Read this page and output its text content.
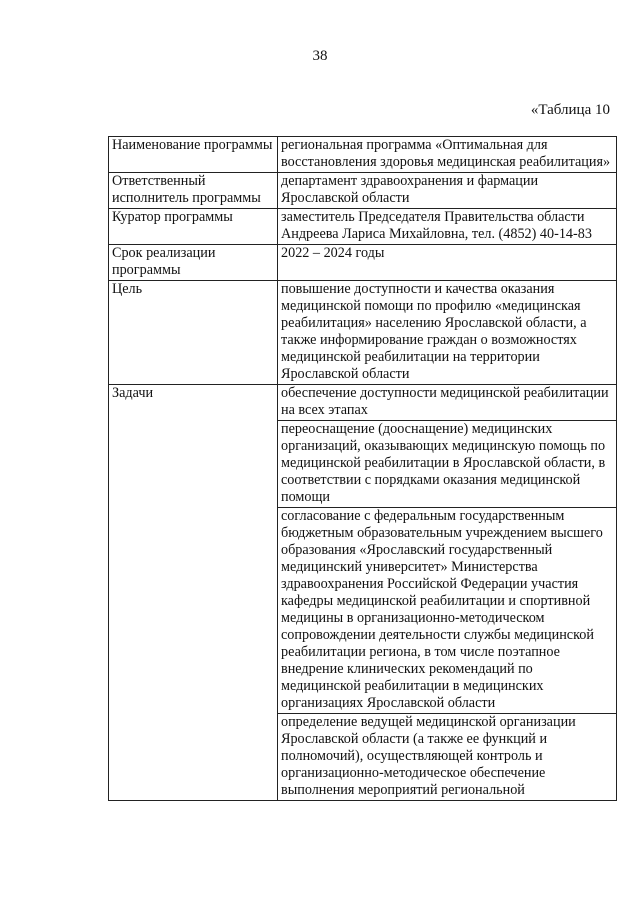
38
«Таблица 10
Наименование программы	региональная программа «Оптимальная для восстановления здоровья медицинская реабилитация»
Ответственный исполнитель программы	департамент здравоохранения и фармации Ярославской области
Куратор программы	заместитель Председателя Правительства области Андреева Лариса Михайловна, тел. (4852) 40-14-83
Срок реализации программы	2022 – 2024 годы
Цель	повышение доступности и качества оказания медицинской помощи по профилю «медицинская реабилитация» населению Ярославской области, а также информирование граждан о возможностях медицинской реабилитации на территории Ярославской области
Задачи	обеспечение доступности медицинской реабилитации на всех этапах
	переоснащение (дооснащение) медицинских организаций, оказывающих медицинскую помощь по медицинской реабилитации в Ярославской области, в соответствии с порядками оказания медицинской помощи
	согласование с федеральным государственным бюджетным образовательным учреждением высшего образования «Ярославский государственный медицинский университет» Министерства здравоохранения Российской Федерации участия кафедры медицинской реабилитации и спортивной медицины в организационно-методическом сопровождении деятельности службы медицинской реабилитации региона, в том числе поэтапное внедрение клинических рекомендаций по медицинской реабилитации в медицинских организациях Ярославской области
	определение ведущей медицинской организации Ярославской области (а также ее функций и полномочий), осуществляющей контроль и организационно-методическое обеспечение выполнения мероприятий региональной
